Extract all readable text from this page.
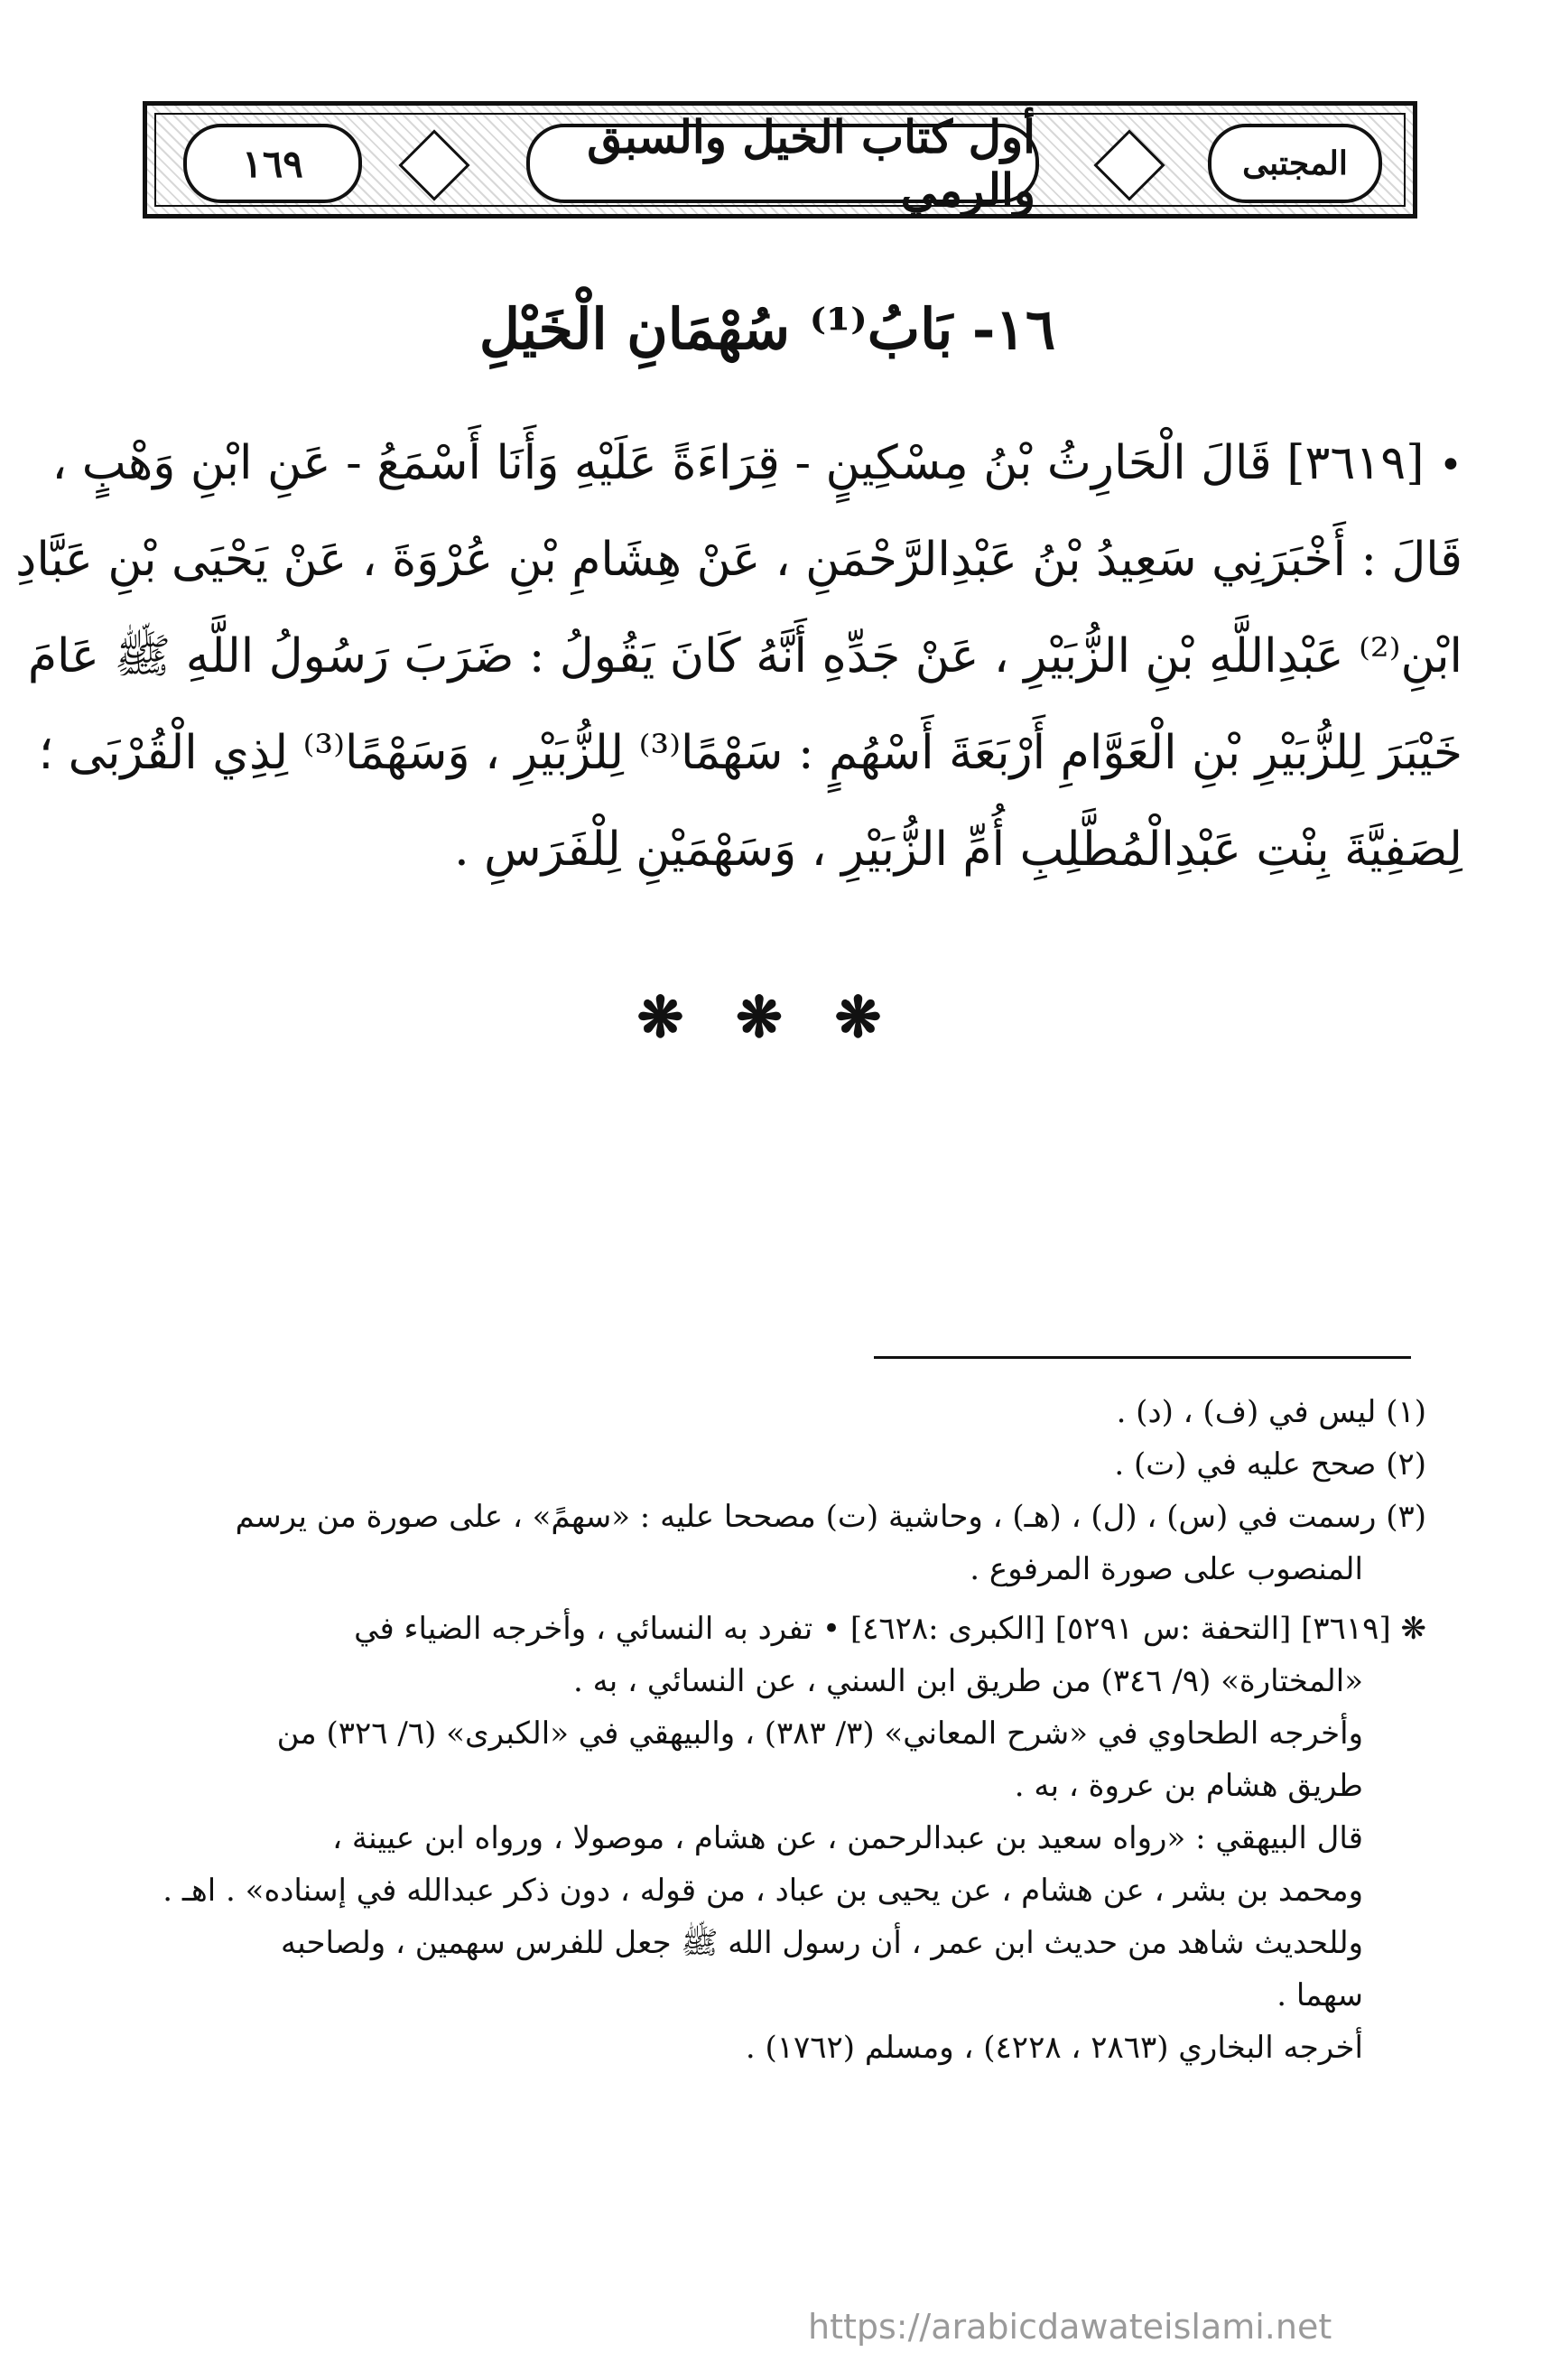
١٦٩	أول كتاب الخيل والسبق والرمي	المجتبى
١٦- بَابُ⁽¹⁾ سُهْمَانِ الْخَيْلِ
• [٣٦١٩] قَالَ الْحَارِثُ بْنُ مِسْكِينٍ - قِرَاءَةً عَلَيْهِ وَأَنَا أَسْمَعُ - عَنِ ابْنِ وَهْبٍ ،
قَالَ : أَخْبَرَنِي سَعِيدُ بْنُ عَبْدِالرَّحْمَنِ ، عَنْ هِشَامِ بْنِ عُرْوَةَ ، عَنْ يَحْيَى بْنِ عَبَّادِ
ابْنِ⁽²⁾ عَبْدِاللَّهِ بْنِ الزُّبَيْرِ ، عَنْ جَدِّهِ أَنَّهُ كَانَ يَقُولُ : ضَرَبَ رَسُولُ اللَّهِ ﷺ عَامَ
خَيْبَرَ لِلزُّبَيْرِ بْنِ الْعَوَّامِ أَرْبَعَةَ أَسْهُمٍ : سَهْمًا⁽³⁾ لِلزُّبَيْرِ ، وَسَهْمًا⁽³⁾ لِذِي الْقُرْبَى ؛
لِصَفِيَّةَ بِنْتِ عَبْدِالْمُطَّلِبِ أُمِّ الزُّبَيْرِ ، وَسَهْمَيْنِ لِلْفَرَسِ .
❋ ❋ ❋
(١) ليس في (ف) ، (د) .
(٢) صحح عليه في (ت) .
(٣) رسمت في (س) ، (ل) ، (هـ) ، وحاشية (ت) مصححا عليه : «سهمً» ، على صورة من يرسم
المنصوب على صورة المرفوع .
❋ [٣٦١٩] [التحفة :س ٥٢٩١] [الكبرى :٤٦٢٨] • تفرد به النسائي ، وأخرجه الضياء في
«المختارة» (٩/ ٣٤٦) من طريق ابن السني ، عن النسائي ، به .
وأخرجه الطحاوي في «شرح المعاني» (٣/ ٣٨٣) ، والبيهقي في «الكبرى» (٦/ ٣٢٦) من
طريق هشام بن عروة ، به .
قال البيهقي : «رواه سعيد بن عبدالرحمن ، عن هشام ، موصولا ، ورواه ابن عيينة ،
ومحمد بن بشر ، عن هشام ، عن يحيى بن عباد ، من قوله ، دون ذكر عبدالله في إسناده» . اهـ .
وللحديث شاهد من حديث ابن عمر ، أن رسول الله ﷺ جعل للفرس سهمين ، ولصاحبه
سهما .
أخرجه البخاري (٢٨٦٣ ، ٤٢٢٨) ، ومسلم (١٧٦٢) .
https://arabicdawateislami.net
